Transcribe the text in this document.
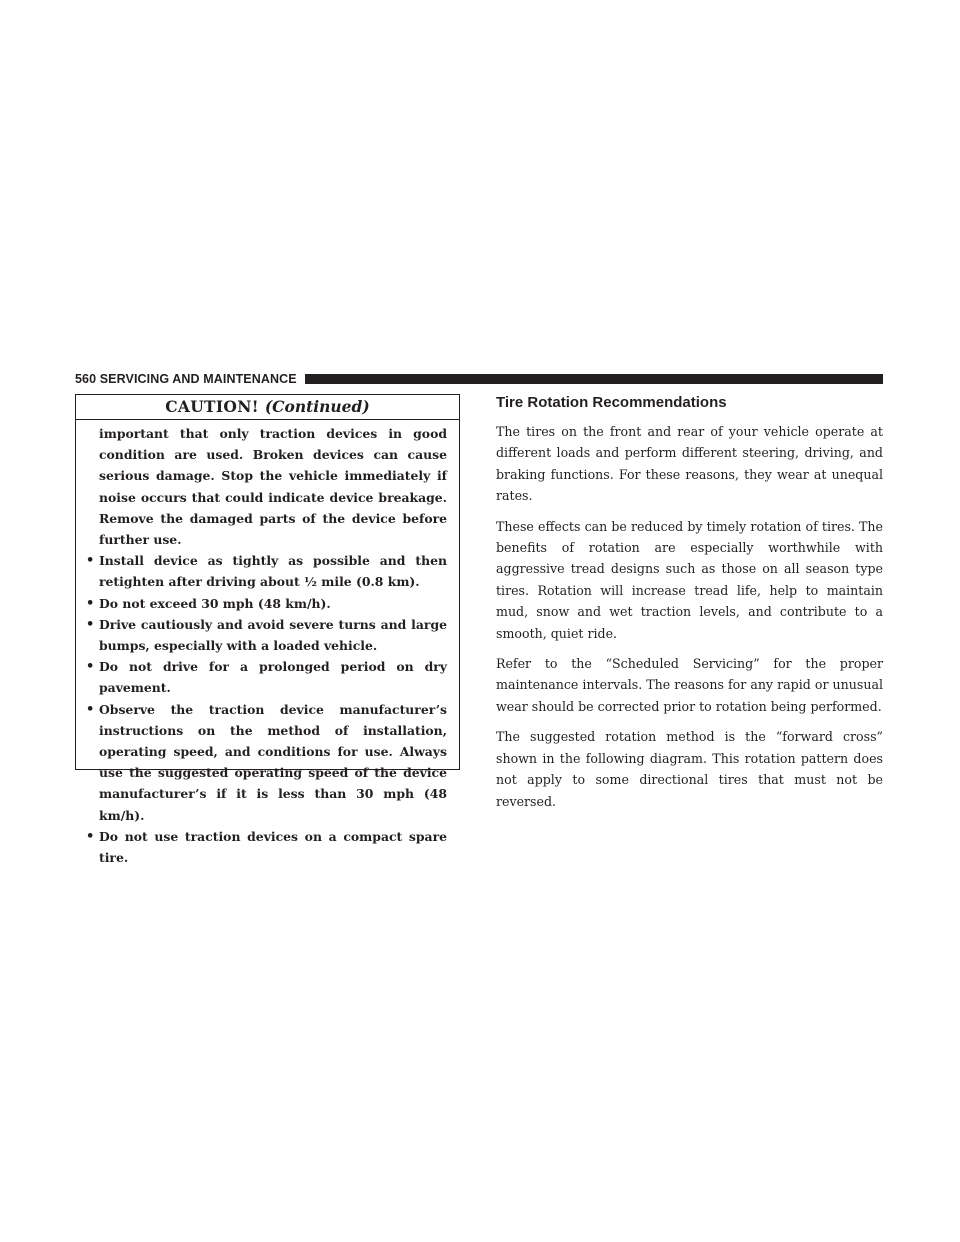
560 SERVICING AND MAINTENANCE
CAUTION! (Continued)

important that only traction devices in good condition are used. Broken devices can cause serious damage. Stop the vehicle immediately if noise occurs that could indicate device breakage. Remove the damaged parts of the device before further use.

• Install device as tightly as possible and then retighten after driving about ½ mile (0.8 km).
• Do not exceed 30 mph (48 km/h).
• Drive cautiously and avoid severe turns and large bumps, especially with a loaded vehicle.
• Do not drive for a prolonged period on dry pavement.
• Observe the traction device manufacturer’s instructions on the method of installation, operating speed, and conditions for use. Always use the suggested operating speed of the device manufacturer’s if it is less than 30 mph (48 km/h).
• Do not use traction devices on a compact spare tire.
Tire Rotation Recommendations

The tires on the front and rear of your vehicle operate at different loads and perform different steering, driving, and braking functions. For these reasons, they wear at unequal rates.

These effects can be reduced by timely rotation of tires. The benefits of rotation are especially worthwhile with aggressive tread designs such as those on all season type tires. Rotation will increase tread life, help to maintain mud, snow and wet traction levels, and contribute to a smooth, quiet ride.

Refer to the “Scheduled Servicing” for the proper maintenance intervals. The reasons for any rapid or unusual wear should be corrected prior to rotation being performed.

The suggested rotation method is the “forward cross” shown in the following diagram. This rotation pattern does not apply to some directional tires that must not be reversed.
